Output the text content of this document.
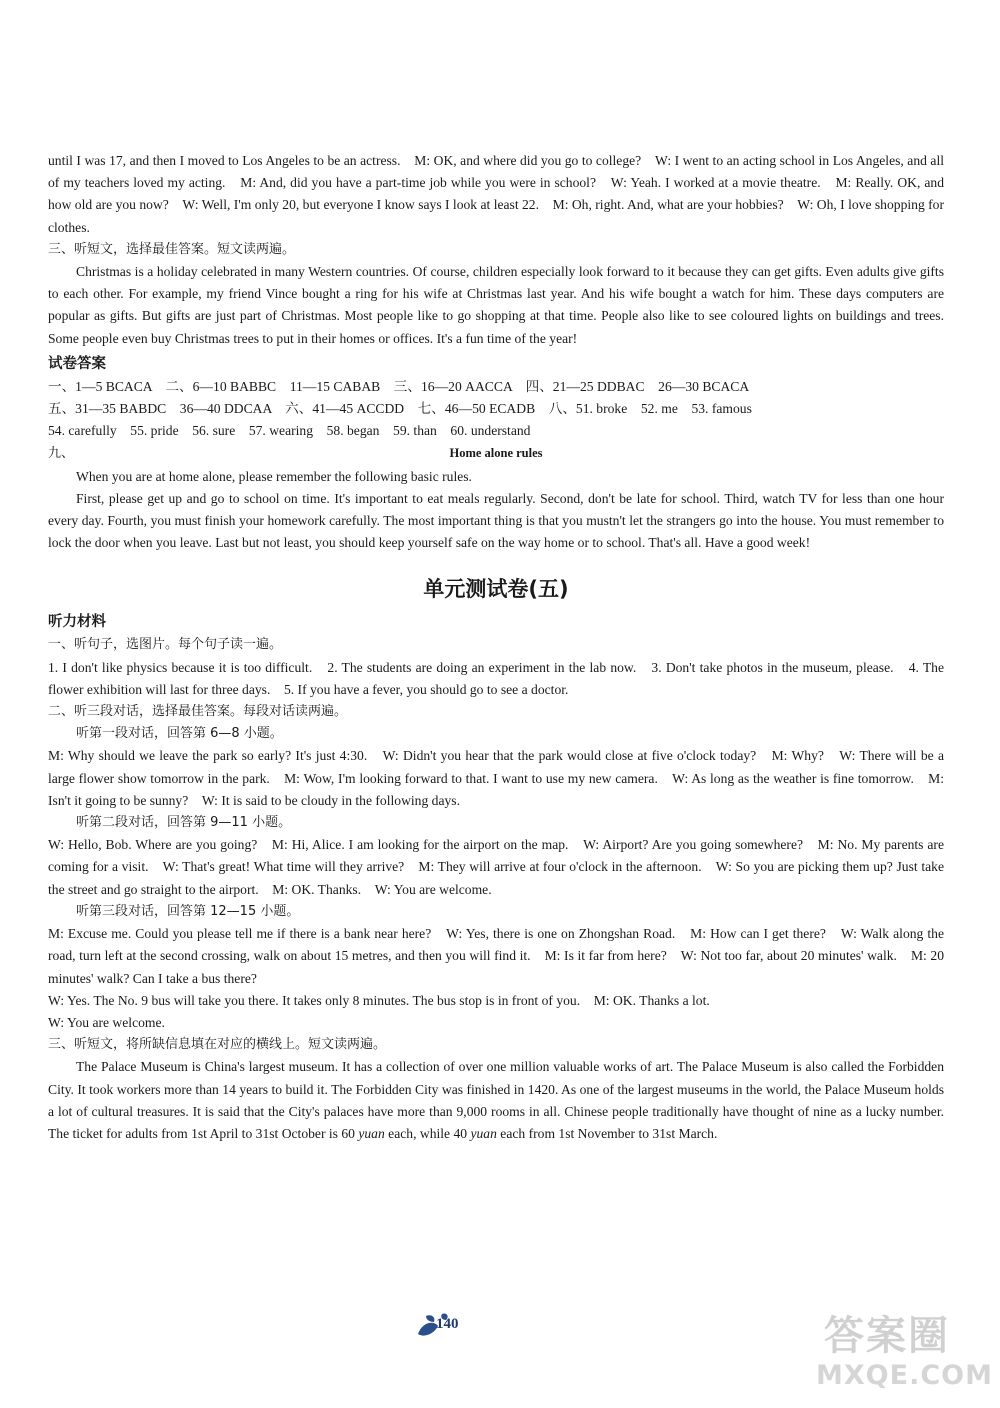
until I was 17, and then I moved to Los Angeles to be an actress.　M: OK, and where did you go to college?　W: I went to an acting school in Los Angeles, and all of my teachers loved my acting.　M: And, did you have a part-time job while you were in school?　W: Yeah. I worked at a movie theatre.　M: Really. OK, and how old are you now?　W: Well, I'm only 20, but everyone I know says I look at least 22.　M: Oh, right. And, what are your hobbies?　W: Oh, I love shopping for clothes.

三、听短文，选择最佳答案。短文读两遍。

Christmas is a holiday celebrated in many Western countries. Of course, children especially look forward to it because they can get gifts. Even adults give gifts to each other. For example, my friend Vince bought a ring for his wife at Christmas last year. And his wife bought a watch for him. These days computers are popular as gifts. But gifts are just part of Christmas. Most people like to go shopping at that time. People also like to see coloured lights on buildings and trees. Some people even buy Christmas trees to put in their homes or offices. It's a fun time of the year!

试卷答案

一、1—5 BCACA　二、6—10 BABBC　11—15 CABAB　三、16—20 AACCA　四、21—25 DDBAC　26—30 BCACA

五、31—35 BABDC　36—40 DDCAA　六、41—45 ACCDD　七、46—50 ECADB　八、51. broke　52. me　53. famous

54. carefully　55. pride　56. sure　57. wearing　58. began　59. than　60. understand

九、	Home alone rules

When you are at home alone, please remember the following basic rules.

First, please get up and go to school on time. It's important to eat meals regularly. Second, don't be late for school. Third, watch TV for less than one hour every day. Fourth, you must finish your homework carefully. The most important thing is that you mustn't let the strangers go into the house. You must remember to lock the door when you leave. Last but not least, you should keep yourself safe on the way home or to school. That's all. Have a good week!

单元测试卷(五)

听力材料

一、听句子，选图片。每个句子读一遍。

1. I don't like physics because it is too difficult.　2. The students are doing an experiment in the lab now.　3. Don't take photos in the museum, please.　4. The flower exhibition will last for three days.　5. If you have a fever, you should go to see a doctor.

二、听三段对话，选择最佳答案。每段对话读两遍。

听第一段对话，回答第 6—8 小题。

M: Why should we leave the park so early? It's just 4:30.　W: Didn't you hear that the park would close at five o'clock today?　M: Why?　W: There will be a large flower show tomorrow in the park.　M: Wow, I'm looking forward to that. I want to use my new camera.　W: As long as the weather is fine tomorrow.　M: Isn't it going to be sunny?　W: It is said to be cloudy in the following days.

听第二段对话，回答第 9—11 小题。

W: Hello, Bob. Where are you going?　M: Hi, Alice. I am looking for the airport on the map.　W: Airport? Are you going somewhere?　M: No. My parents are coming for a visit.　W: That's great! What time will they arrive?　M: They will arrive at four o'clock in the afternoon.　W: So you are picking them up? Just take the street and go straight to the airport.　M: OK. Thanks.　W: You are welcome.

听第三段对话，回答第 12—15 小题。

M: Excuse me. Could you please tell me if there is a bank near here?　W: Yes, there is one on Zhongshan Road.　M: How can I get there?　W: Walk along the road, turn left at the second crossing, walk on about 15 metres, and then you will find it.　M: Is it far from here?　W: Not too far, about 20 minutes' walk.　M: 20 minutes' walk? Can I take a bus there?

W: Yes. The No. 9 bus will take you there. It takes only 8 minutes. The bus stop is in front of you.　M: OK. Thanks a lot.

W: You are welcome.

三、听短文，将所缺信息填在对应的横线上。短文读两遍。

The Palace Museum is China's largest museum. It has a collection of over one million valuable works of art. The Palace Museum is also called the Forbidden City. It took workers more than 14 years to build it. The Forbidden City was finished in 1420. As one of the largest museums in the world, the Palace Museum holds a lot of cultural treasures. It is said that the City's palaces have more than 9,000 rooms in all. Chinese people traditionally have thought of nine as a lucky number. The ticket for adults from 1st April to 31st October is 60 yuan each, while 40 yuan each from 1st November to 31st March.

140	答案圈
MXQE.COM
